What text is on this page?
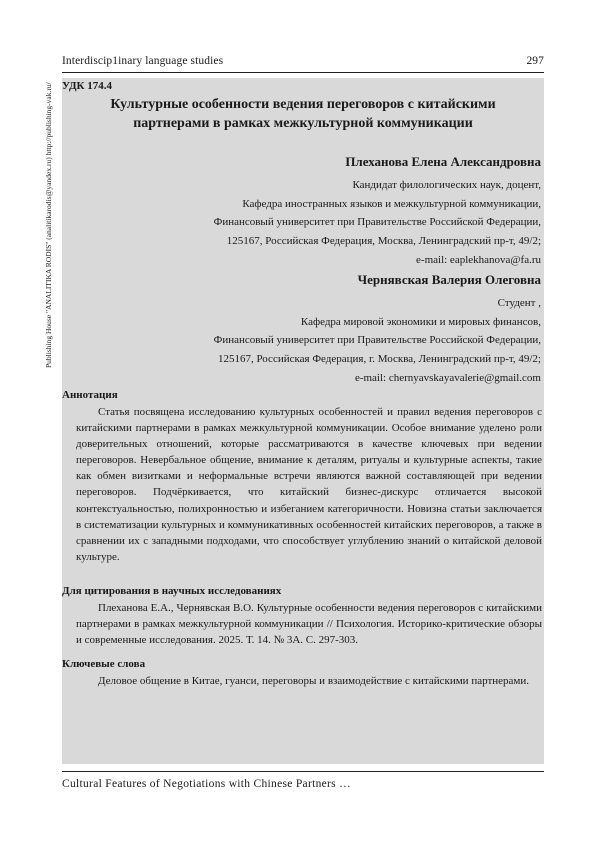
Interdiscip1inary language studies	297
Publishing House "ANALITIKA RODIS" (analitikarodis@yandex.ru) http://publishing-vak.ru/ УДК 174.4
Культурные особенности ведения переговоров с китайскими
партнерами в рамках межкультурной коммуникации
Плеханова Елена Александровна
Кандидат филологических наук, доцент,
Кафедра иностранных языков и межкультурной коммуникации,
Финансовый университет при Правительстве Российской Федерации,
125167, Российская Федерация, Москва, Ленинградский пр-т, 49/2;
e-mail: eaplekhanova@fa.ru
Чернявская Валерия Олеговна
Студент ,
Кафедра мировой экономики и мировых финансов,
Финансовый университет при Правительстве Российской Федерации,
125167, Российская Федерация, г. Москва, Ленинградский пр-т, 49/2;
e-mail: chernyavskayavalerie@gmail.com
Аннотация
Статья посвящена исследованию культурных особенностей и правил ведения переговоров с китайскими партнерами в рамках межкультурной коммуникации. Особое внимание уделено роли доверительных отношений, которые рассматриваются в качестве ключевых при ведении переговоров. Невербальное общение, внимание к деталям, ритуалы и культурные аспекты, такие как обмен визитками и неформальные встречи являются важной составляющей при ведении переговоров. Подчёркивается, что китайский бизнес-дискурс отличается высокой контекстуальностью, полихронностью и избеганием категоричности. Новизна статьи заключается в систематизации культурных и коммуникативных особенностей китайских переговоров, а также в сравнении их с западными подходами, что способствует углублению знаний о китайской деловой культуре.
Для цитирования в научных исследованиях
Плеханова Е.А., Чернявская В.О. Культурные особенности ведения переговоров с китайскими партнерами в рамках межкультурной коммуникации // Психология. Историко-критические обзоры и современные исследования. 2025. Т. 14. № 3А. С. 297-303.
Ключевые слова
Деловое общение в Китае, гуанси, переговоры и взаимодействие с китайскими партнерами.
Cultural Features of Negotiations with Chinese Partners …
